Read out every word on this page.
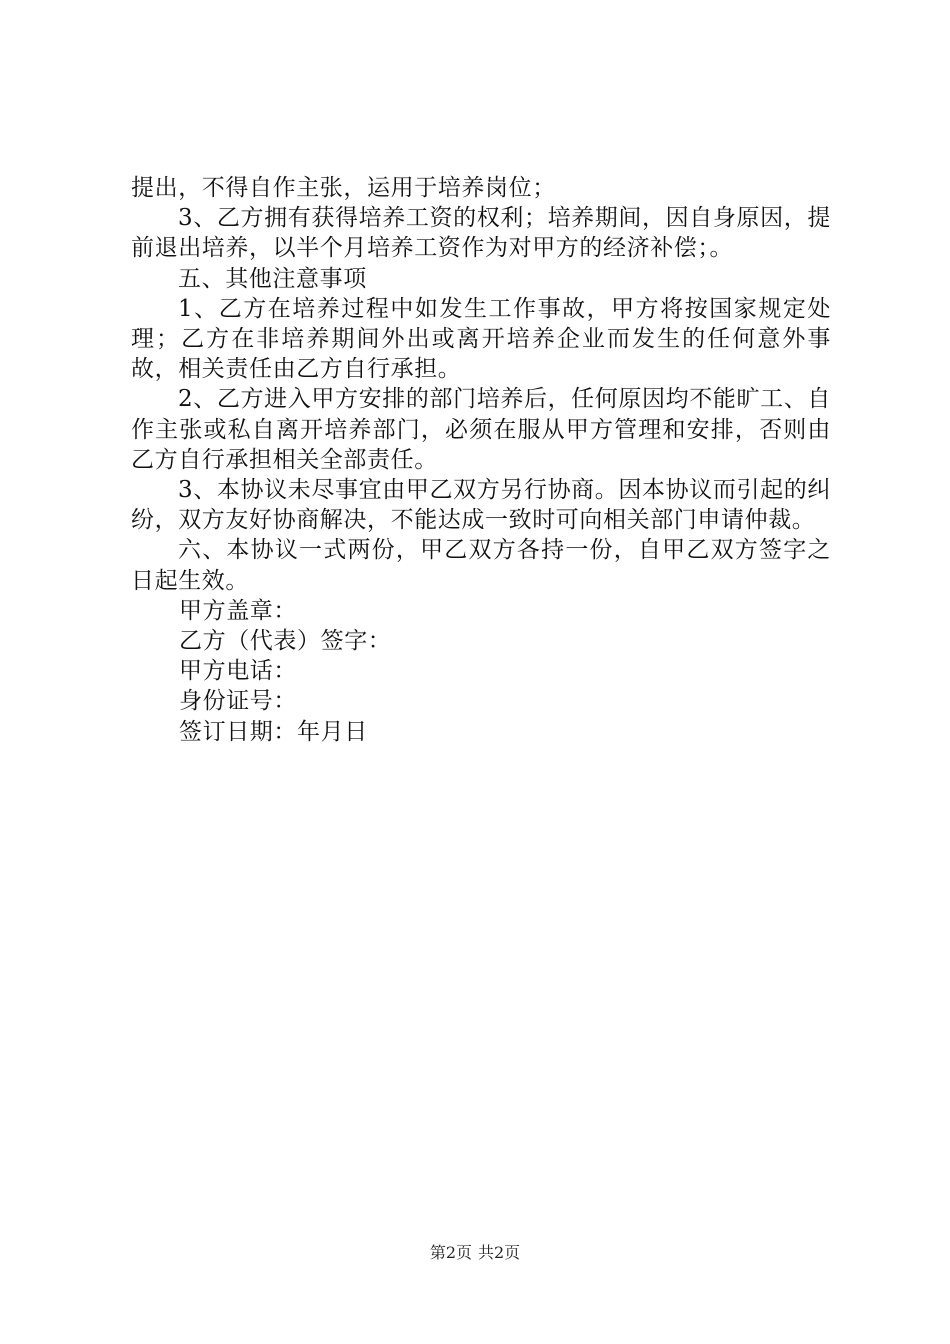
提出，不得自作主张，运用于培养岗位；

3、乙方拥有获得培养工资的权利；培养期间，因自身原因，提前退出培养，以半个月培养工资作为对甲方的经济补偿；。

五、其他注意事项

1、乙方在培养过程中如发生工作事故，甲方将按国家规定处理；乙方在非培养期间外出或离开培养企业而发生的任何意外事故，相关责任由乙方自行承担。

2、乙方进入甲方安排的部门培养后，任何原因均不能旷工、自作主张或私自离开培养部门，必须在服从甲方管理和安排，否则由乙方自行承担相关全部责任。

3、本协议未尽事宜由甲乙双方另行协商。因本协议而引起的纠纷，双方友好协商解决，不能达成一致时可向相关部门申请仲裁。

六、本协议一式两份，甲乙双方各持一份，自甲乙双方签字之日起生效。

甲方盖章：

乙方（代表）签字：

甲方电话：

身份证号：

签订日期：年月日

第2页 共2页
